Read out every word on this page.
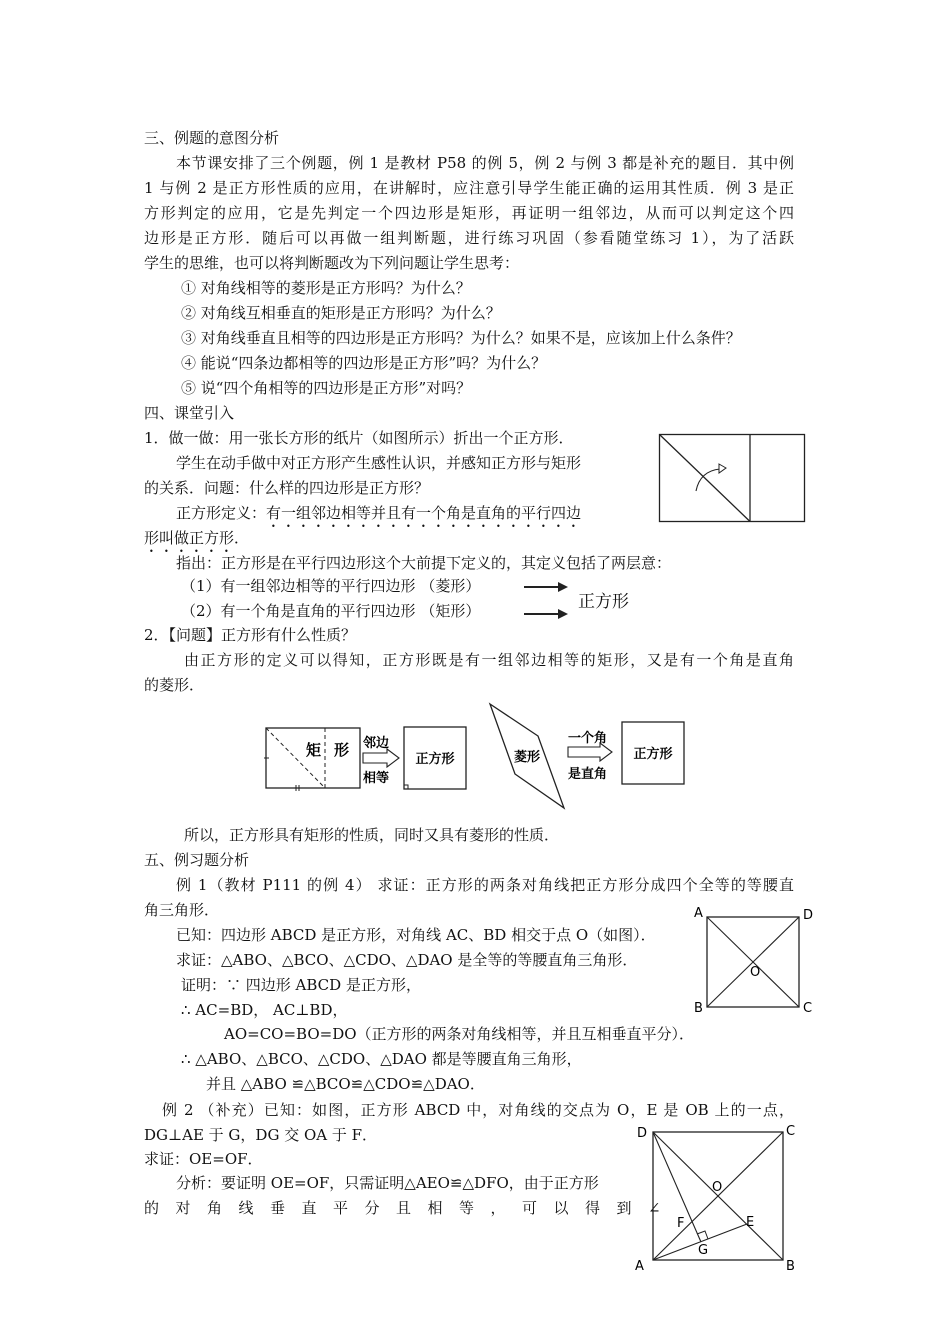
三、例题的意图分析
本节课安排了三个例题，例 1 是教材 P58 的例 5，例 2 与例 3 都是补充的题目．其中例
1 与例 2 是正方形性质的应用，在讲解时，应注意引导学生能正确的运用其性质．例 3 是正
方形判定的应用，它是先判定一个四边形是矩形，再证明一组邻边，从而可以判定这个四
边形是正方形．随后可以再做一组判断题，进行练习巩固（参看随堂练习 1），为了活跃
学生的思维，也可以将判断题改为下列问题让学生思考：
① 对角线相等的菱形是正方形吗？为什么？
② 对角线互相垂直的矩形是正方形吗？为什么？
③ 对角线垂直且相等的四边形是正方形吗？为什么？如果不是，应该加上什么条件？
④ 能说“四条边都相等的四边形是正方形”吗？为什么？
⑤ 说“四个角相等的四边形是正方形”对吗？
四、课堂引入
1．做一做：用一张长方形的纸片（如图所示）折出一个正方形．
学生在动手做中对正方形产生感性认识，并感知正方形与矩形
的关系．问题：什么样的四边形是正方形？
正方形定义：有一组邻边相等并且有一个角是直角的平行四边
形叫做正方形．
指出：正方形是在平行四边形这个大前提下定义的，其定义包括了两层意：
（1）有一组邻边相等的平行四边形 （菱形）
（2）有一个角是直角的平行四边形 （矩形）	正方形
2．【问题】正方形有什么性质？
由正方形的定义可以得知，正方形既是有一组邻边相等的矩形，又是有一个角是直角
的菱形．
矩 形 邻边
相等
正方形	菱形
一个角
是直角
正方形
所以，正方形具有矩形的性质，同时又具有菱形的性质．
五、例习题分析
例 1（教材 P111 的例 4） 求证：正方形的两条对角线把正方形分成四个全等的等腰直
角三角形．
已知：四边形 ABCD 是正方形，对角线 AC、BD 相交于点 O（如图）．
求证：△ABO、△BCO、△CDO、△DAO 是全等的等腰直角三角形．
证明：∵ 四边形 ABCD 是正方形，
∴ AC=BD， AC⊥BD，
AO=CO=BO=DO（正方形的两条对角线相等，并且互相垂直平分）．
∴ △ABO、△BCO、△CDO、△DAO 都是等腰直角三角形，
并且 △ABO ≌△BCO≌△CDO≌△DAO．
A	D
B	C
O
例 2 （补充）已知：如图，正方形 ABCD 中，对角线的交点为 O，E 是 OB 上的一点，
DG⊥AE 于 G，DG 交 OA 于 F．
求证：OE=OF．
分析：要证明 OE=OF，只需证明△AEO≌△DFO，由于正方形
的对角线垂直平分且相等，可以得到∠
D	C
A	B
O
E
F
G
